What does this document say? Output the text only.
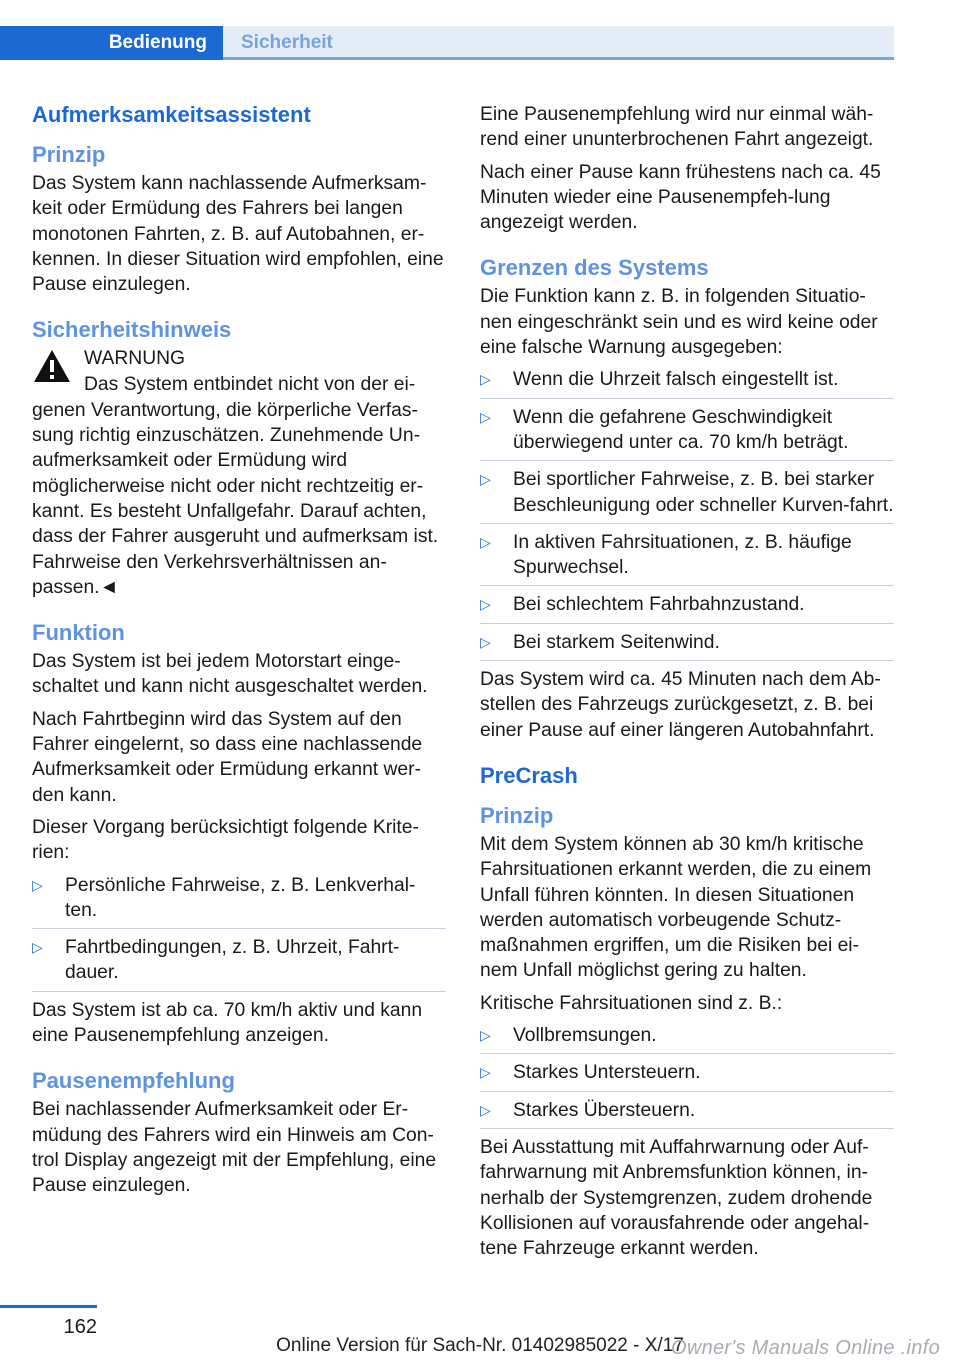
Bedienung	Sicherheit
Aufmerksamkeitsassistent
Prinzip

Das System kann nachlassende Aufmerksam-keit oder Ermüdung des Fahrers bei langen monotonen Fahrten, z. B. auf Autobahnen, er-kennen. In dieser Situation wird empfohlen, eine Pause einzulegen.

Sicherheitshinweis
WARNUNG

Das System entbindet nicht von der ei-genen Verantwortung, die körperliche Verfas-sung richtig einzuschätzen. Zunehmende Un-aufmerksamkeit oder Ermüdung wird möglicherweise nicht oder nicht rechtzeitig er-kannt. Es besteht Unfallgefahr. Darauf achten, dass der Fahrer ausgeruht und aufmerksam ist. Fahrweise den Verkehrsverhältnissen an-passen.◄

Funktion

Das System ist bei jedem Motorstart einge-schaltet und kann nicht ausgeschaltet werden.

Nach Fahrtbeginn wird das System auf den Fahrer eingelernt, so dass eine nachlassende Aufmerksamkeit oder Ermüdung erkannt wer-den kann.

Dieser Vorgang berücksichtigt folgende Krite-rien:

▷ Persönliche Fahrweise, z. B. Lenkverhal-ten.
▷ Fahrtbedingungen, z. B. Uhrzeit, Fahrt-dauer.

Das System ist ab ca. 70 km/h aktiv und kann eine Pausenempfehlung anzeigen.

Pausenempfehlung

Bei nachlassender Aufmerksamkeit oder Er-müdung des Fahrers wird ein Hinweis am Con-trol Display angezeigt mit der Empfehlung, eine Pause einzulegen.

Eine Pausenempfehlung wird nur einmal wäh-rend einer ununterbrochenen Fahrt angezeigt.

Nach einer Pause kann frühestens nach ca. 45 Minuten wieder eine Pausenempfeh-lung angezeigt werden.

Grenzen des Systems

Die Funktion kann z. B. in folgenden Situatio-nen eingeschränkt sein und es wird keine oder eine falsche Warnung ausgegeben:

▷ Wenn die Uhrzeit falsch eingestellt ist.
▷ Wenn die gefahrene Geschwindigkeit überwiegend unter ca. 70 km/h beträgt.
▷ Bei sportlicher Fahrweise, z. B. bei starker Beschleunigung oder schneller Kurven-fahrt.
▷ In aktiven Fahrsituationen, z. B. häufige Spurwechsel.
▷ Bei schlechtem Fahrbahnzustand.
▷ Bei starkem Seitenwind.

Das System wird ca. 45 Minuten nach dem Ab-stellen des Fahrzeugs zurückgesetzt, z. B. bei einer Pause auf einer längeren Autobahnfahrt.

PreCrash
Prinzip

Mit dem System können ab 30 km/h kritische Fahrsituationen erkannt werden, die zu einem Unfall führen könnten. In diesen Situationen werden automatisch vorbeugende Schutz-maßnahmen ergriffen, um die Risiken bei ei-nem Unfall möglichst gering zu halten.

Kritische Fahrsituationen sind z. B.:

▷ Vollbremsungen.
▷ Starkes Untersteuern.
▷ Starkes Übersteuern.

Bei Ausstattung mit Auffahrwarnung oder Auf-fahrwarnung mit Anbremsfunktion können, in-nerhalb der Systemgrenzen, zudem drohende Kollisionen auf vorausfahrende oder angehal-tene Fahrzeuge erkannt werden.

162
Online Version für Sach-Nr. 01402985022 - X/17
Owner's Manuals Online .info
